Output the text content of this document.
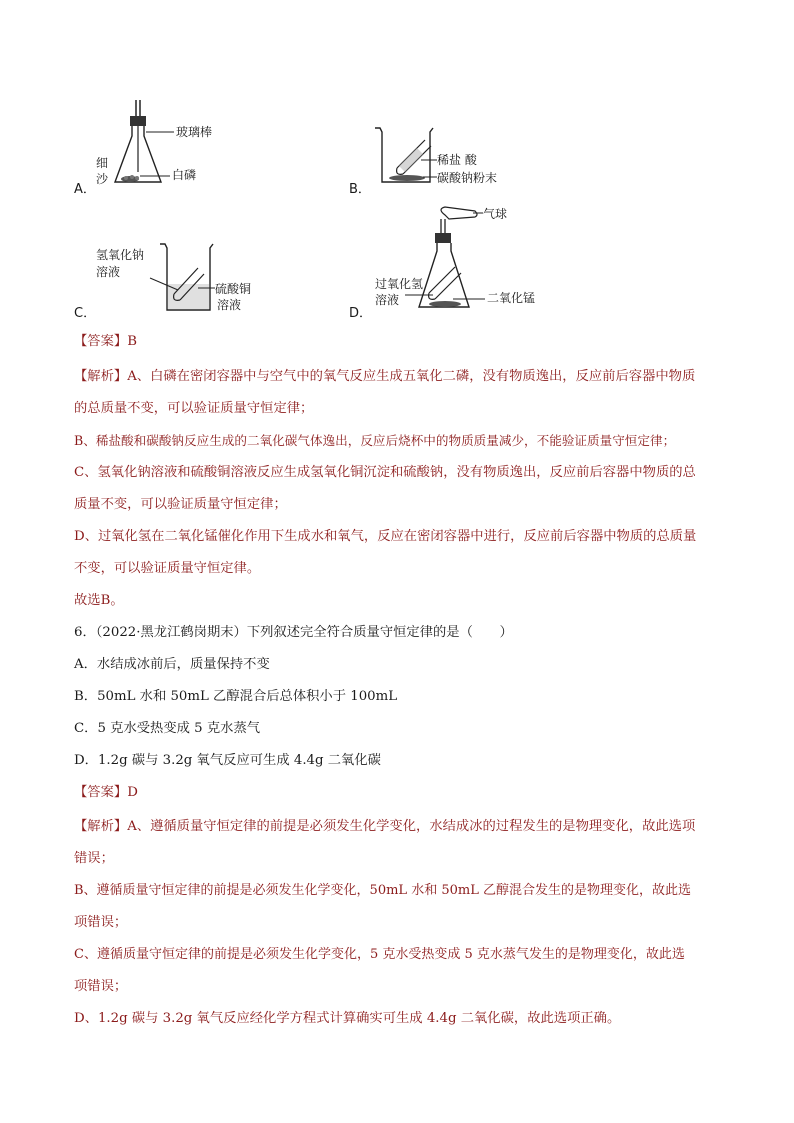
A．
玻璃棒
细
沙	白磷
B．
稀盐 酸
碳酸钠粉末
C．
氢氧化钠
溶液
硫酸铜
溶液
D．
气球
过氧化氢
溶液	二氧化锰
【答案】B
【解析】A、白磷在密闭容器中与空气中的氧气反应生成五氧化二磷，没有物质逸出，反应前后容器中物质
的总质量不变，可以验证质量守恒定律；
B、稀盐酸和碳酸钠反应生成的二氧化碳气体逸出，反应后烧杯中的物质质量减少，不能验证质量守恒定律；
C、氢氧化钠溶液和硫酸铜溶液反应生成氢氧化铜沉淀和硫酸钠，没有物质逸出，反应前后容器中物质的总
质量不变，可以验证质量守恒定律；
D、过氧化氢在二氧化锰催化作用下生成水和氧气，反应在密闭容器中进行，反应前后容器中物质的总质量
不变，可以验证质量守恒定律。
故选B。
6．（2022·黑龙江鹤岗期末）下列叙述完全符合质量守恒定律的是（　　）
A．水结成冰前后，质量保持不变
B．50mL 水和 50mL 乙醇混合后总体积小于 100mL
C．5 克水受热变成 5 克水蒸气
D．1.2g 碳与 3.2g 氧气反应可生成 4.4g 二氧化碳
【答案】D
【解析】A、遵循质量守恒定律的前提是必须发生化学变化，水结成冰的过程发生的是物理变化，故此选项
错误；
B、遵循质量守恒定律的前提是必须发生化学变化，50mL 水和 50mL 乙醇混合发生的是物理变化，故此选
项错误；
C、遵循质量守恒定律的前提是必须发生化学变化，5 克水受热变成 5 克水蒸气发生的是物理变化，故此选
项错误；
D、1.2g 碳与 3.2g 氧气反应经化学方程式计算确实可生成 4.4g 二氧化碳，故此选项正确。
